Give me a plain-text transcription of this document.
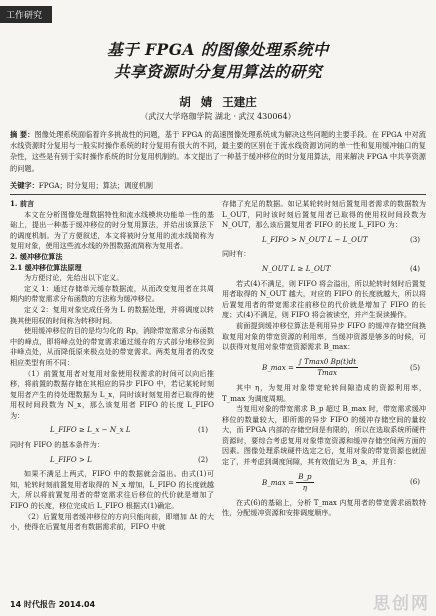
工作研究
基于 FPGA 的图像处理系统中
共享资源时分复用算法的研究
胡 婧 王建庄
（武汉大学珞珈学院 湖北 · 武汉 430064）
摘 要：图像处理系统面临着许多挑战性的问题，基于 FPGA 的高速图像处理系统成为解决这些问题的主要手段。在 FPGA 中对流水线资源时分复用与一般实时操作系统的时分复用有很大的不同，最主要的区别在于流水线资源访问的单一性和复用缓冲轴口的复杂性，这些是有别于实时操作系统的时分复用机制的。本文提出了一种基于缓冲移位的时分复用算法，用来解决 FPGA 中共享资源的问题。
关键字：FPGA；时分复用；算法；调度机制

1. 前言

本文在分析图像处理数据特性和流水线模块功能单一性的基础上，提出一种基于缓冲移位的时分复用算法，并给出该算法下的调度机制。为了方便叙述，本文将被时分复用的流水线简称为复用对象，使用这些流水线的外围数据流简称为复用者。

2. 缓冲移位算法

2.1 缓冲移位算法原理

为方便讨论，先给出以下定义。

定义 1：通过存储单元缓存数据流，从而改变复用者在共周期内的带宽需求分布函数的方法称为缓冲移位。

定义 2：复用对象完成任务为 L 的数据处理，并将调度以转换其使用权的时间称为转移时间。

使用缓冲移位的目的是均匀化的 Rp，消除带宽需求分布函数中的峰点，即将峰点处的带宽需求通过缓存的方式部分地移位到非峰点处，从而降低原来极点处的带宽需求。两类复用者的改变相应类型有所不同：

（1）前置复用者对复用对象使用权需求的时间可以向后推移，将前置的数据存储在其相应的异步 FIFO 中，若记某轮时刻复用者产生的待处理数据为 L_x，同时该时刻复用者已取得的使用权时间段数为 N_x，那么该复用者 FIFO 的长度 L_FIFO 为：

L_FIFO ≥ L_x − N_x L	(1)

同时有 FIFO 的基本条件为：

L_FIFO > L	(2)

如果不满足上两式，FIFO 中的数据就会溢出。由式(1)可知，轮转时刻前置复用者取得的 N_x 增加，L_FIFO 的长度就越大，所以将前置复用者的带宽需求往后移位的代价就是增加了 FIFO 的长度，移位完成后 L_FIFO 根据式(1)确定。

（2）后置复用者缓冲移位的方向只能向前，即增加 Δt 的大小，使得在后置复用者有数据需求前，FIFO 中就

存储了充足的数据。如记某轮转时刻后置复用者需求的数据数为 L_OUT，同时该时刻后置复用者已取得的使用权时间段数为 N_OUT，那么该后置复用者 FIFO 的长度 L_FIFO 为：

L_FIFO > N_OUT L − L_OUT	(3)

同时有：

N_OUT L ≥ L_OUT	(4)

若式(4)不满足，则 FIFO 将会溢出，所以轮转时刻时后置复用者取得的 N_OUT 越大，对应的 FIFO 的长度就越大，所以将后置复用者的带宽需求往前移位的代价就是增加了 FIFO 的长度；式(4)不满足，则 FIFO 将会被读空，并产生误读操作。

前面提到缓冲移位算法是利用异步 FIFO 的缓冲存储空间换取复用对象的带宽资源的利用率，当缓冲资源是够多的时候，可以获得对复用对象带宽资源需求 B_max：

B_max = $\frac{\int Tmax0 Bp(t)dt}{Tmax}$	(5)

其中 η，为复用对象带宽轮转间隙造成的资源利用率，T_max 为调度周期。

当复用对象的带宽需求 B_p 超过 B_max 时，带宽需求缓冲移位的数量较大，即所需的异步 FIFO 的缓冲存储空间的量较大，而 FPGA 内部的存储空间是有限的，所以在选取系统所硬件资源时，要综合考虑复用对象带宽资源和缓冲存储空间两方面的因素。图像处理系统硬件选定之后，复用对象的带宽资源也就固定了，并考虑到调度间隙，其有效值记为 B_a，并且有：

B_max = $\frac{B\_p}{\eta}$	(6)

在式(6)的基础上，分析 T_max 内复用者的带宽需求函数特性，分配缓冲资源和安排调度顺序。

14 时代报告 2014.04	思创网
